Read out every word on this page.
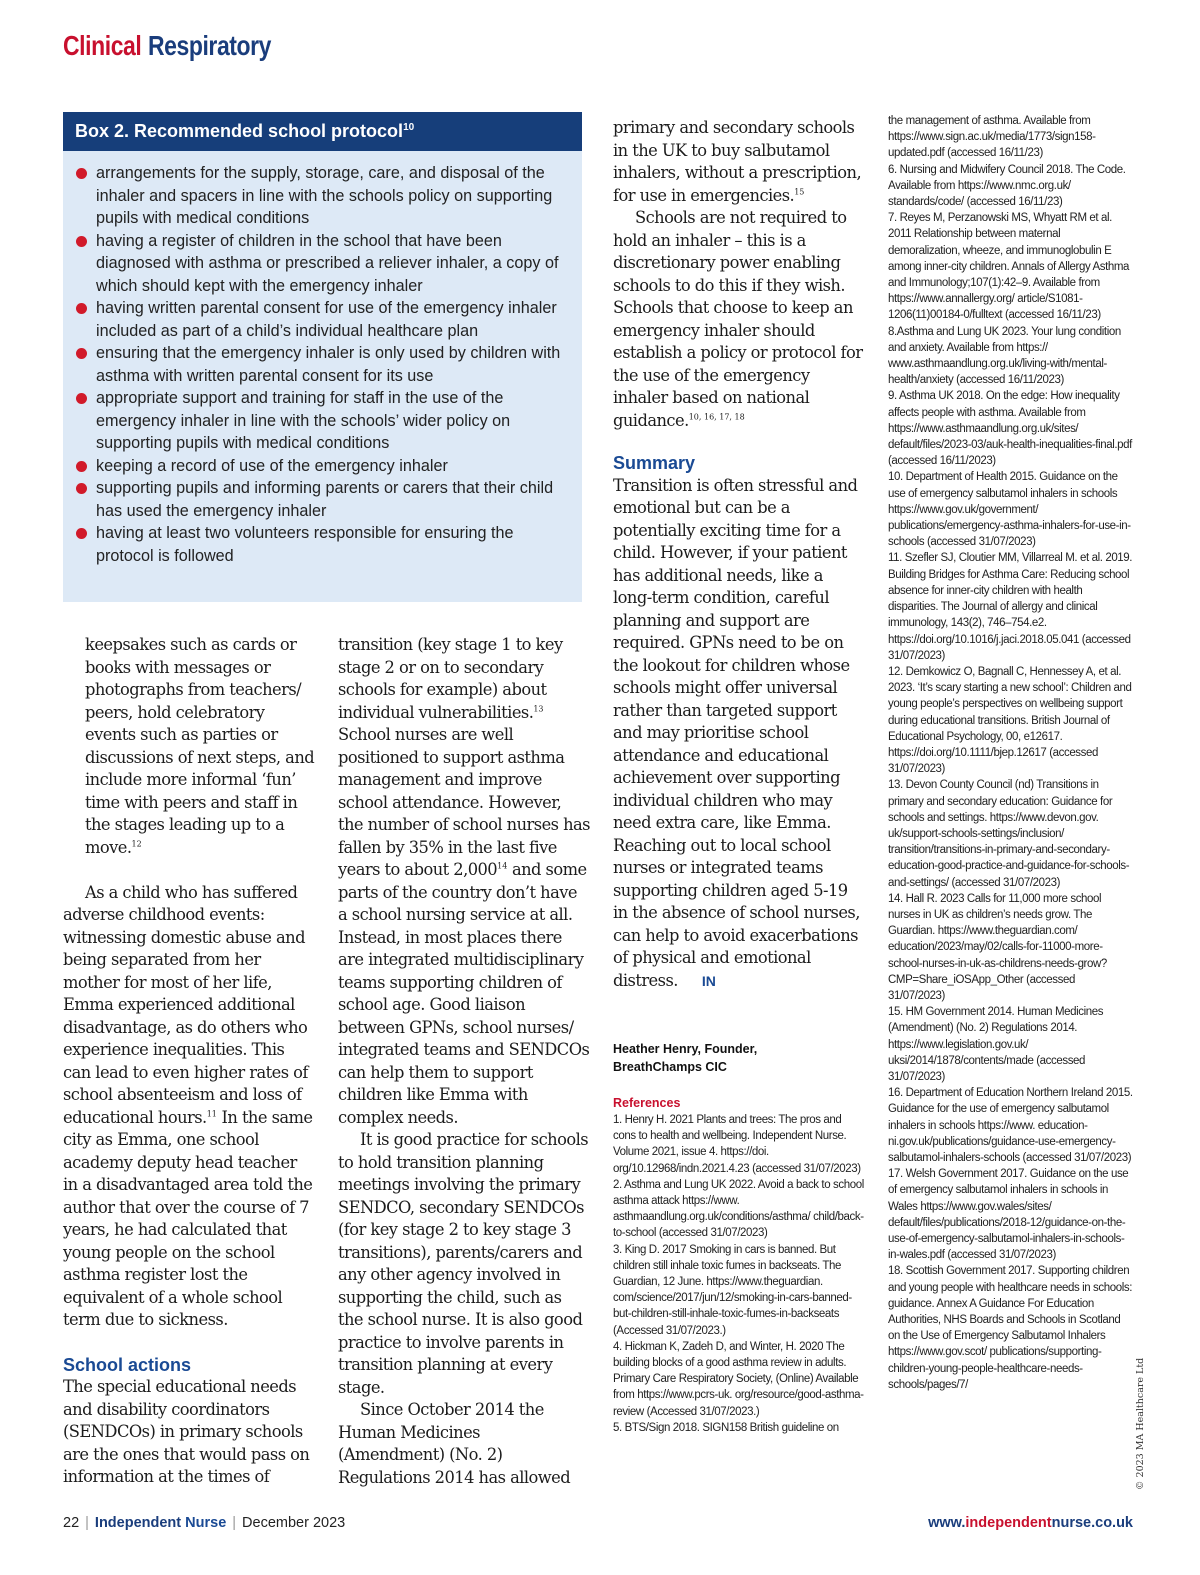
Clinical Respiratory
Box 2. Recommended school protocol$^{10}$
arrangements for the supply, storage, care, and disposal of the inhaler and spacers in line with the schools policy on supporting pupils with medical conditions
having a register of children in the school that have been diagnosed with asthma or prescribed a reliever inhaler, a copy of which should kept with the emergency inhaler
having written parental consent for use of the emergency inhaler included as part of a child’s individual healthcare plan
ensuring that the emergency inhaler is only used by children with asthma with written parental consent for its use
appropriate support and training for staff in the use of the emergency inhaler in line with the schools’ wider policy on supporting pupils with medical conditions
keeping a record of use of the emergency inhaler
supporting pupils and informing parents or carers that their child has used the emergency inhaler
having at least two volunteers responsible for ensuring the protocol is followed

keepsakes such as cards or books with messages or photographs from teachers/ peers, hold celebratory events such as parties or discussions of next steps, and include more informal ‘fun’ time with peers and staff in the stages leading up to a move.$^{12}$

As a child who has suffered adverse childhood events: witnessing domestic abuse and being separated from her mother for most of her life, Emma experienced additional disadvantage, as do others who experience inequalities. This can lead to even higher rates of school absenteeism and loss of educational hours.$^{11}$ In the same city as Emma, one school academy deputy head teacher in a disadvantaged area told the author that over the course of 7 years, he had calculated that young people on the school asthma register lost the equivalent of a whole school term due to sickness.

School actions

The special educational needs and disability coordinators (SENDCOs) in primary schools are the ones that would pass on information at the times of

transition (key stage 1 to key stage 2 or on to secondary schools for example) about individual vulnerabilities.$^{13}$ School nurses are well positioned to support asthma management and improve school attendance. However, the number of school nurses has fallen by 35% in the last five years to about 2,000$^{14}$ and some parts of the country don’t have a school nursing service at all. Instead, in most places there are integrated multidisciplinary teams supporting children of school age. Good liaison between GPNs, school nurses/ integrated teams and SENDCOs can help them to support children like Emma with complex needs.

It is good practice for schools to hold transition planning meetings involving the primary SENDCO, secondary SENDCOs (for key stage 2 to key stage 3 transitions), parents/carers and any other agency involved in supporting the child, such as the school nurse. It is also good practice to involve parents in transition planning at every stage.

Since October 2014 the Human Medicines (Amendment) (No. 2) Regulations 2014 has allowed

primary and secondary schools in the UK to buy salbutamol inhalers, without a prescription, for use in emergencies.$^{15}$

Schools are not required to hold an inhaler – this is a discretionary power enabling schools to do this if they wish. Schools that choose to keep an emergency inhaler should establish a policy or protocol for the use of the emergency inhaler based on national guidance.$^{10, 16, 17, 18}$

Summary

Transition is often stressful and emotional but can be a potentially exciting time for a child. However, if your patient has additional needs, like a long-term condition, careful planning and support are required. GPNs need to be on the lookout for children whose schools might offer universal rather than targeted support and may prioritise school attendance and educational achievement over supporting individual children who may need extra care, like Emma. Reaching out to local school nurses or integrated teams supporting children aged 5-19 in the absence of school nurses, can help to avoid exacerbations of physical and emotional distress. IN

Heather Henry, Founder,
BreathChamps CIC
References

1. Henry H. 2021 Plants and trees: The pros and cons to health and wellbeing. Independent Nurse. Volume 2021, issue 4. https://doi. org/10.12968/indn.2021.4.23 (accessed 31/07/2023)

2. Asthma and Lung UK 2022. Avoid a back to school asthma attack https://www. asthmaandlung.org.uk/conditions/asthma/ child/back-to-school (accessed 31/07/2023)

3. King D. 2017 Smoking in cars is banned. But children still inhale toxic fumes in backseats. The Guardian, 12 June. https://www.theguardian. com/science/2017/jun/12/smoking-in-cars-banned-but-children-still-inhale-toxic-fumes-in-backseats (Accessed 31/07/2023.)

4. Hickman K, Zadeh D, and Winter, H. 2020 The building blocks of a good asthma review in adults. Primary Care Respiratory Society, (Online) Available from https://www.pcrs-uk. org/resource/good-asthma-review (Accessed 31/07/2023.)

5. BTS/Sign 2018. SIGN158 British guideline on

the management of asthma. Available from https://www.sign.ac.uk/media/1773/sign158-updated.pdf (accessed 16/11/23)

6. Nursing and Midwifery Council 2018. The Code. Available from https://www.nmc.org.uk/ standards/code/ (accessed 16/11/23)

7. Reyes M, Perzanowski MS, Whyatt RM et al. 2011 Relationship between maternal demoralization, wheeze, and immunoglobulin E among inner-city children. Annals of Allergy Asthma and Immunology;107(1):42–9. Available from https://www.annallergy.org/ article/S1081-1206(11)00184-0/fulltext (accessed 16/11/23)

8.Asthma and Lung UK 2023. Your lung condition and anxiety. Available from https:// www.asthmaandlung.org.uk/living-with/mental-health/anxiety (accessed 16/11/2023)

9. Asthma UK 2018. On the edge: How inequality affects people with asthma. Available from https://www.asthmaandlung.org.uk/sites/ default/files/2023-03/auk-health-inequalities-final.pdf (accessed 16/11/2023)

10. Department of Health 2015. Guidance on the use of emergency salbutamol inhalers in schools https://www.gov.uk/government/ publications/emergency-asthma-inhalers-for-use-in-schools (accessed 31/07/2023)

11. Szefler SJ, Cloutier MM, Villarreal M. et al. 2019. Building Bridges for Asthma Care: Reducing school absence for inner-city children with health disparities. The Journal of allergy and clinical immunology, 143(2), 746–754.e2. https://doi.org/10.1016/j.jaci.2018.05.041 (accessed 31/07/2023)

12. Demkowicz O, Bagnall C, Hennessey A, et al. 2023. ‘It’s scary starting a new school’: Children and young people’s perspectives on wellbeing support during educational transitions. British Journal of Educational Psychology, 00, e12617. https://doi.org/10.1111/bjep.12617 (accessed 31/07/2023)

13. Devon County Council (nd) Transitions in primary and secondary education: Guidance for schools and settings. https://www.devon.gov. uk/support-schools-settings/inclusion/ transition/transitions-in-primary-and-secondary-education-good-practice-and-guidance-for-schools-and-settings/ (accessed 31/07/2023)

14. Hall R. 2023 Calls for 11,000 more school nurses in UK as children’s needs grow. The Guardian. https://www.theguardian.com/ education/2023/may/02/calls-for-11000-more-school-nurses-in-uk-as-childrens-needs-grow?CMP=Share_iOSApp_Other (accessed 31/07/2023)

15. HM Government 2014. Human Medicines (Amendment) (No. 2) Regulations 2014. https://www.legislation.gov.uk/ uksi/2014/1878/contents/made (accessed 31/07/2023)

16. Department of Education Northern Ireland 2015. Guidance for the use of emergency salbutamol inhalers in schools https://www. education-ni.gov.uk/publications/guidance-use-emergency-salbutamol-inhalers-schools (accessed 31/07/2023)

17. Welsh Government 2017. Guidance on the use of emergency salbutamol inhalers in schools in Wales https://www.gov.wales/sites/ default/files/publications/2018-12/guidance-on-the-use-of-emergency-salbutamol-inhalers-in-schools-in-wales.pdf (accessed 31/07/2023)

18. Scottish Government 2017. Supporting children and young people with healthcare needs in schools: guidance. Annex A Guidance For Education Authorities, NHS Boards and Schools in Scotland on the Use of Emergency Salbutamol Inhalers https://www.gov.scot/ publications/supporting-children-young-people-healthcare-needs-schools/pages/7/	© 2023 MA Healthcare Ltd
22 | Independent Nurse | December 2023	www.independentnurse.co.uk
